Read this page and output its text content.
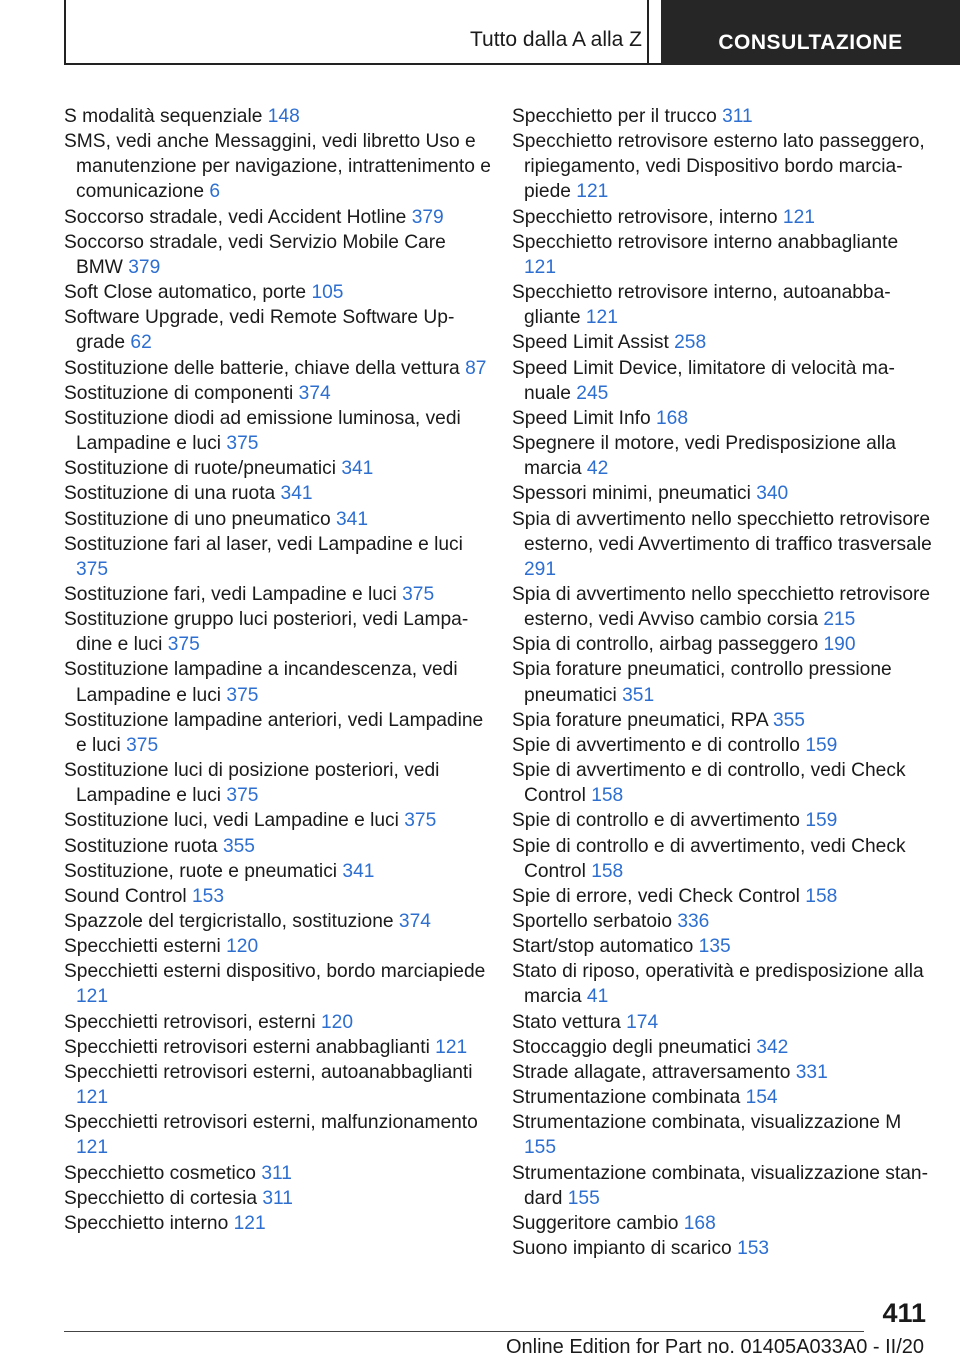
Tutto dalla A alla Z	CONSULTAZIONE

S modalità sequenziale 148

SMS, vedi anche Messaggini, vedi libretto Uso e manutenzione per navigazione, intrattenimento e comunicazione 6

Soccorso stradale, vedi Accident Hotline 379

Soccorso stradale, vedi Servizio Mobile Care BMW 379

Soft Close automatico, porte 105

Software Upgrade, vedi Remote Software Upgrade 62

Sostituzione delle batterie, chiave della vettura 87

Sostituzione di componenti 374

Sostituzione diodi ad emissione luminosa, vedi Lampadine e luci 375

Sostituzione di ruote/pneumatici 341

Sostituzione di una ruota 341

Sostituzione di uno pneumatico 341

Sostituzione fari al laser, vedi Lampadine e luci 375

Sostituzione fari, vedi Lampadine e luci 375

Sostituzione gruppo luci posteriori, vedi Lampadine e luci 375

Sostituzione lampadine a incandescenza, vedi Lampadine e luci 375

Sostituzione lampadine anteriori, vedi Lampadine e luci 375

Sostituzione luci di posizione posteriori, vedi Lampadine e luci 375

Sostituzione luci, vedi Lampadine e luci 375

Sostituzione ruota 355

Sostituzione, ruote e pneumatici 341

Sound Control 153

Spazzole del tergicristallo, sostituzione 374

Specchietti esterni 120

Specchietti esterni dispositivo, bordo marciapiede 121

Specchietti retrovisori, esterni 120

Specchietti retrovisori esterni anabbaglianti 121

Specchietti retrovisori esterni, autoanabbaglianti 121

Specchietti retrovisori esterni, malfunzionamento 121

Specchietto cosmetico 311

Specchietto di cortesia 311

Specchietto interno 121

Specchietto per il trucco 311

Specchietto retrovisore esterno lato passeggero, ripiegamento, vedi Dispositivo bordo marciapiede 121

Specchietto retrovisore, interno 121

Specchietto retrovisore interno anabbagliante 121

Specchietto retrovisore interno, autoanabbagliante 121

Speed Limit Assist 258

Speed Limit Device, limitatore di velocità manuale 245

Speed Limit Info 168

Spegnere il motore, vedi Predisposizione alla marcia 42

Spessori minimi, pneumatici 340

Spia di avvertimento nello specchietto retrovisore esterno, vedi Avvertimento di traffico trasversale 291

Spia di avvertimento nello specchietto retrovisore esterno, vedi Avviso cambio corsia 215

Spia di controllo, airbag passeggero 190

Spia forature pneumatici, controllo pressione pneumatici 351

Spia forature pneumatici, RPA 355

Spie di avvertimento e di controllo 159

Spie di avvertimento e di controllo, vedi Check Control 158

Spie di controllo e di avvertimento 159

Spie di controllo e di avvertimento, vedi Check Control 158

Spie di errore, vedi Check Control 158

Sportello serbatoio 336

Start/stop automatico 135

Stato di riposo, operatività e predisposizione alla marcia 41

Stato vettura 174

Stoccaggio degli pneumatici 342

Strade allagate, attraversamento 331

Strumentazione combinata 154

Strumentazione combinata, visualizzazione M 155

Strumentazione combinata, visualizzazione standard 155

Suggeritore cambio 168

Suono impianto di scarico 153

411
Online Edition for Part no. 01405A033A0 - II/20
